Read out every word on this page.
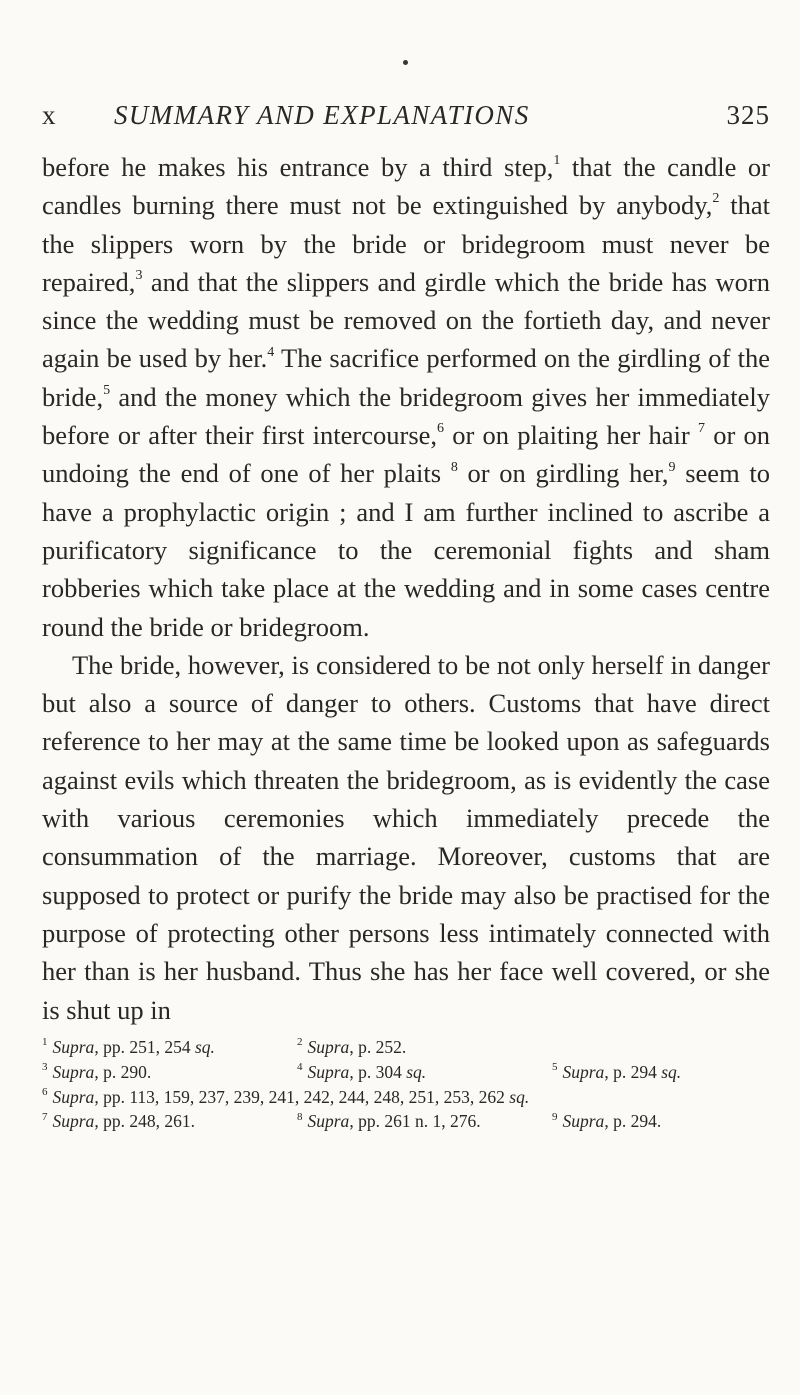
x SUMMARY AND EXPLANATIONS	325

before he makes his entrance by a third step,$^1$ that the candle or candles burning there must not be extinguished by anybody,$^2$ that the slippers worn by the bride or bridegroom must never be repaired,$^3$ and that the slippers and girdle which the bride has worn since the wedding must be removed on the fortieth day, and never again be used by her.$^4$ The sacrifice performed on the girdling of the bride,$^5$ and the money which the bridegroom gives her immediately before or after their first intercourse,$^6$ or on plaiting her hair $^7$ or on undoing the end of one of her plaits $^8$ or on girdling her,$^9$ seem to have a prophylactic origin ; and I am further inclined to ascribe a purificatory significance to the ceremonial fights and sham robberies which take place at the wedding and in some cases centre round the bride or bridegroom.

The bride, however, is considered to be not only herself in danger but also a source of danger to others. Customs that have direct reference to her may at the same time be looked upon as safeguards against evils which threaten the bridegroom, as is evidently the case with various ceremonies which immediately precede the consummation of the marriage. Moreover, customs that are supposed to protect or purify the bride may also be practised for the purpose of protecting other persons less intimately connected with her than is her husband. Thus she has her face well covered, or she is shut up in

$^1$ Supra, pp. 251, 254 sq.	$^2$ Supra, p. 252.
$^3$ Supra, p. 290.	$^4$ Supra, p. 304 sq.	$^5$ Supra, p. 294 sq.
$^6$ Supra, pp. 113, 159, 237, 239, 241, 242, 244, 248, 251, 253, 262 sq.
$^7$ Supra, pp. 248, 261.	$^8$ Supra, pp. 261 n. 1, 276.	$^9$ Supra, p. 294.
